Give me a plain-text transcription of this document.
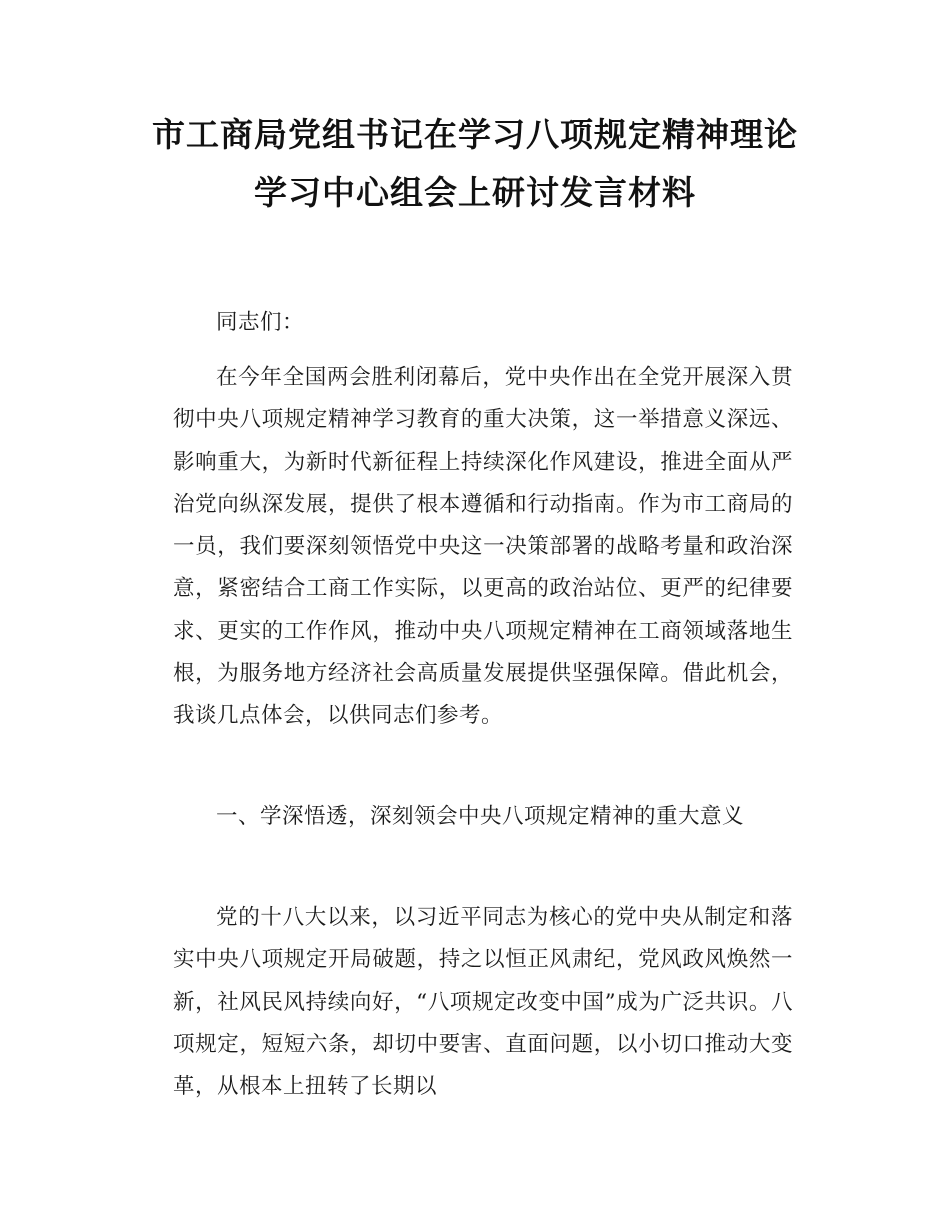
市工商局党组书记在学习八项规定精神理论
学习中心组会上研讨发言材料

同志们：

在今年全国两会胜利闭幕后，党中央作出在全党开展深入贯彻中央八项规定精神学习教育的重大决策，这一举措意义深远、影响重大，为新时代新征程上持续深化作风建设，推进全面从严治党向纵深发展，提供了根本遵循和行动指南。作为市工商局的一员，我们要深刻领悟党中央这一决策部署的战略考量和政治深意，紧密结合工商工作实际，以更高的政治站位、更严的纪律要求、更实的工作作风，推动中央八项规定精神在工商领域落地生根，为服务地方经济社会高质量发展提供坚强保障。借此机会，我谈几点体会，以供同志们参考。

一、学深悟透，深刻领会中央八项规定精神的重大意义

党的十八大以来，以习近平同志为核心的党中央从制定和落实中央八项规定开局破题，持之以恒正风肃纪，党风政风焕然一新，社风民风持续向好，“八项规定改变中国”成为广泛共识。八项规定，短短六条，却切中要害、直面问题，以小切口推动大变革，从根本上扭转了长期以
